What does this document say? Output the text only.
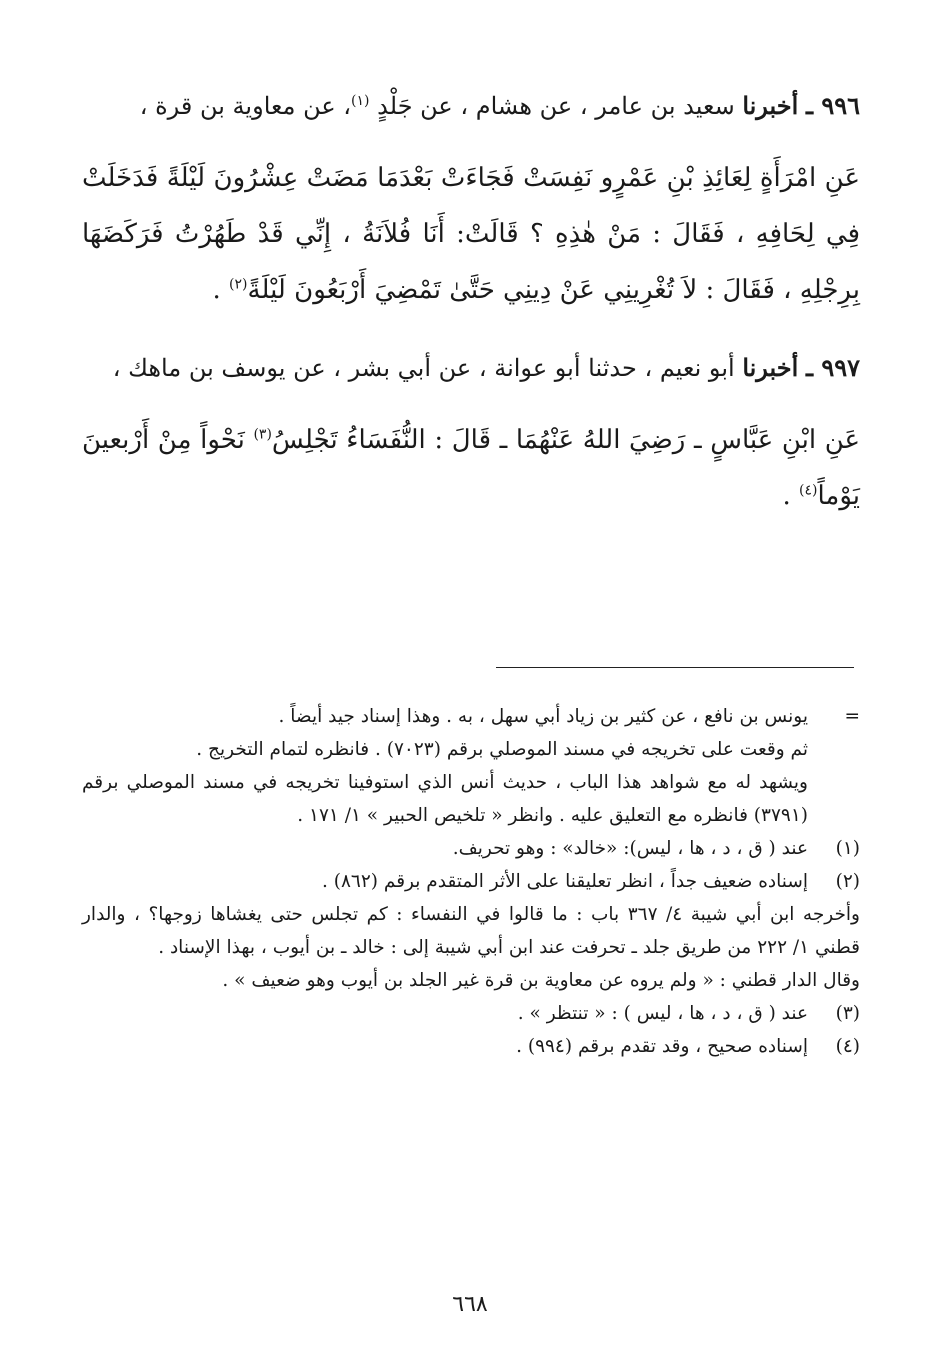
٩٩٦ ـ أخبرنا سعيد بن عامر ، عن هشام ، عن جَلْدٍ $^{(١)}$، عن معاوية بن قرة ،

عَنِ امْرَأَةٍ لِعَائِذِ بْنِ عَمْرٍو نَفِسَتْ فَجَاءَتْ بَعْدَمَا مَضَتْ عِشْرُونَ لَيْلَةً فَدَخَلَتْ فِي لِحَافِهِ ، فَقَالَ : مَنْ هٰذِهِ ؟ قَالَتْ: أَنَا فُلاَنَةُ ، إِنِّي قَدْ طَهُرْتُ فَرَكَضَهَا بِرِجْلِهِ ، فَقَالَ : لاَ تُغْرِينِي عَنْ دِينِي حَتَّىٰ تَمْضِيَ أَرْبَعُونَ لَيْلَةً$^{(٢)}$ .

٩٩٧ ـ أخبرنا أبو نعيم ، حدثنا أبو عوانة ، عن أبي بشر ، عن يوسف بن ماهك ،

عَنِ ابْنِ عَبَّاسٍ ـ رَضِيَ اللهُ عَنْهُمَا ـ قَالَ : النُّفَسَاءُ تَجْلِسُ$^{(٣)}$ نَحْواً مِنْ أَرْبعينَ يَوْماً$^{(٤)}$ .

=

يونس بن نافع ، عن كثير بن زياد أبي سهل ، به . وهذا إسناد جيد أيضاً .

ثم وقعت على تخريجه في مسند الموصلي برقم (٧٠٢٣) . فانظره لتمام التخريج .

ويشهد له مع شواهد هذا الباب ، حديث أنس الذي استوفينا تخريجه في مسند الموصلي برقم (٣٧٩١) فانظره مع التعليق عليه . وانظر « تلخيص الحبير » ١/ ١٧١ .

(١)

عند ( ق ، د ، ها ، ليس): «خالد» : وهو تحريف.

(٢)

إسناده ضعيف جداً ، انظر تعليقنا على الأثر المتقدم برقم (٨٦٢) .

وأخرجه ابن أبي شيبة ٤/ ٣٦٧ باب : ما قالوا في النفساء : كم تجلس حتى يغشاها زوجها؟ ، والدار قطني ١/ ٢٢٢ من طريق جلد ـ تحرفت عند ابن أبي شيبة إلى : خالد ـ بن أيوب ، بهذا الإسناد .

وقال الدار قطني : « ولم يروه عن معاوية بن قرة غير الجلد بن أيوب وهو ضعيف » .

(٣)

عند ( ق ، د ، ها ، ليس ) : « تنتظر » .

(٤)

إسناده صحيح ، وقد تقدم برقم (٩٩٤) .

٦٦٨
